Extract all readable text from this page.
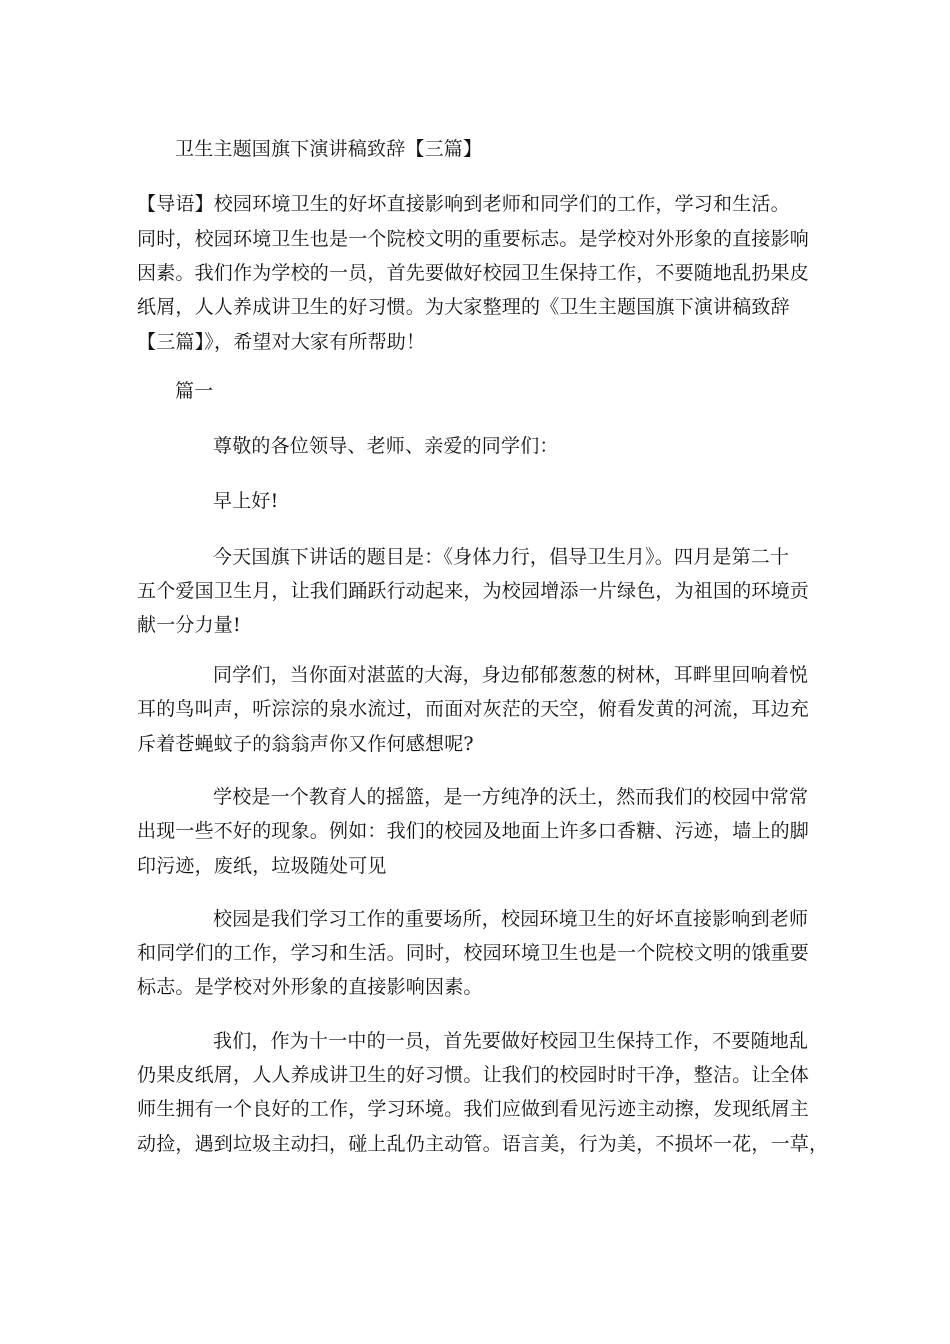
卫生主题国旗下演讲稿致辞【三篇】
【导语】校园环境卫生的好坏直接影响到老师和同学们的工作，学习和生活。
同时，校园环境卫生也是一个院校文明的重要标志。是学校对外形象的直接影响
因素。我们作为学校的一员，首先要做好校园卫生保持工作，不要随地乱扔果皮
纸屑，人人养成讲卫生的好习惯。为大家整理的《卫生主题国旗下演讲稿致辞
【三篇】》，希望对大家有所帮助！
篇一
尊敬的各位领导、老师、亲爱的同学们：
早上好!
今天国旗下讲话的题目是：《身体力行，倡导卫生月》。四月是第二十
五个爱国卫生月，让我们踊跃行动起来，为校园增添一片绿色，为祖国的环境贡
献一分力量!
同学们，当你面对湛蓝的大海，身边郁郁葱葱的树林，耳畔里回响着悦
耳的鸟叫声，听淙淙的泉水流过，而面对灰茫的天空，俯看发黄的河流，耳边充
斥着苍蝇蚊子的翁翁声你又作何感想呢?
学校是一个教育人的摇篮，是一方纯净的沃土，然而我们的校园中常常
出现一些不好的现象。例如：我们的校园及地面上许多口香糖、污迹，墙上的脚
印污迹，废纸，垃圾随处可见
校园是我们学习工作的重要场所，校园环境卫生的好坏直接影响到老师
和同学们的工作，学习和生活。同时，校园环境卫生也是一个院校文明的饿重要
标志。是学校对外形象的直接影响因素。
我们，作为十一中的一员，首先要做好校园卫生保持工作，不要随地乱
仍果皮纸屑，人人养成讲卫生的好习惯。让我们的校园时时干净，整洁。让全体
师生拥有一个良好的工作，学习环境。我们应做到看见污迹主动擦，发现纸屑主
动捡，遇到垃圾主动扫，碰上乱仍主动管。语言美，行为美，不损坏一花，一草，
